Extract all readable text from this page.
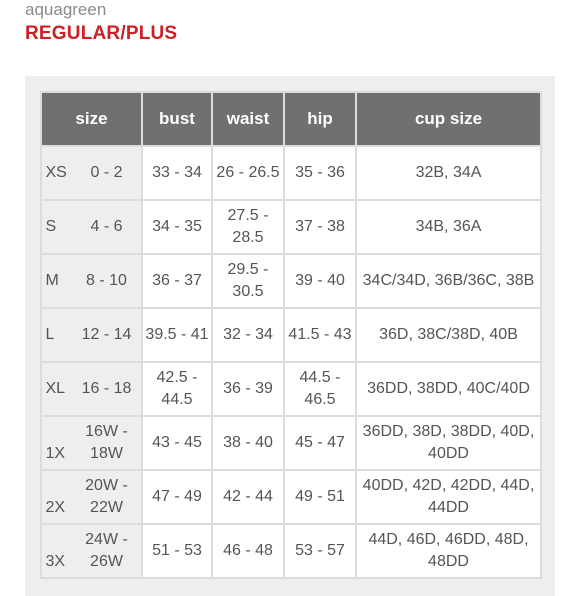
aquagreen
REGULAR/PLUS
size	bust	waist	hip	cup size
XS 0 - 2	33 - 34	26 - 26.5	35 - 36	32B, 34A
S 4 - 6	34 - 35	27.5 - 28.5	37 - 38	34B, 36A
M 8 - 10	36 - 37	29.5 - 30.5	39 - 40	34C/34D, 36B/36C, 38B
L 12 - 14	39.5 - 41	32 - 34	41.5 - 43	36D, 38C/38D, 40B
XL 16 - 18	42.5 - 44.5	36 - 39	44.5 - 46.5	36DD, 38DD, 40C/40D
1X16W - 18W	43 - 45	38 - 40	45 - 47	36DD, 38D, 38DD, 40D, 40DD
2X20W - 22W	47 - 49	42 - 44	49 - 51	40DD, 42D, 42DD, 44D, 44DD
3X24W - 26W	51 - 53	46 - 48	53 - 57	44D, 46D, 46DD, 48D, 48DD
